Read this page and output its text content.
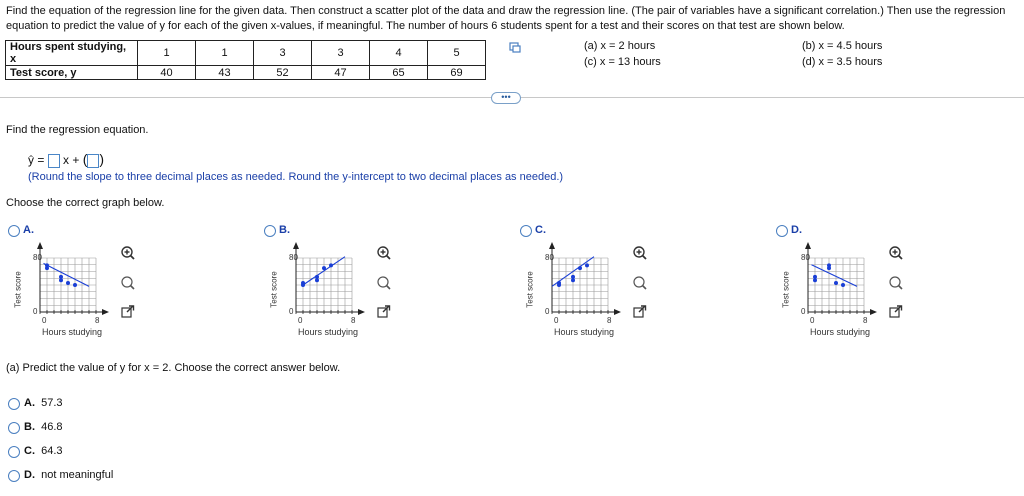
Find the equation of the regression line for the given data. Then construct a scatter plot of the data and draw the regression line. (The pair of variables have a significant correlation.) Then use the regression equation to predict the value of y for each of the given x-values, if meaningful. The number of hours 6 students spent for a test and their scores on that test are shown below.
Hours spent studying, x	1	1	3	3	4	5
Test score, y	40	43	52	47	65	69
(a) x = 2 hours
(c) x = 13 hours
(b) x = 4.5 hours
(d) x = 3.5 hours
•••
Find the regression equation.
ŷ = x + ( )
(Round the slope to three decimal places as needed. Round the y-intercept to two decimal places as needed.)
Choose the correct graph below.
A.
80
0
0	8
Hours studying
Test score
B.
80
0
0	8
Hours studying
Test score
C.
80
0
0	8
Hours studying
Test score
D.
80
0
0	8
Hours studying
Test score
(a) Predict the value of y for x = 2. Choose the correct answer below.
A. 57.3
B. 46.8
C. 64.3
D. not meaningful
